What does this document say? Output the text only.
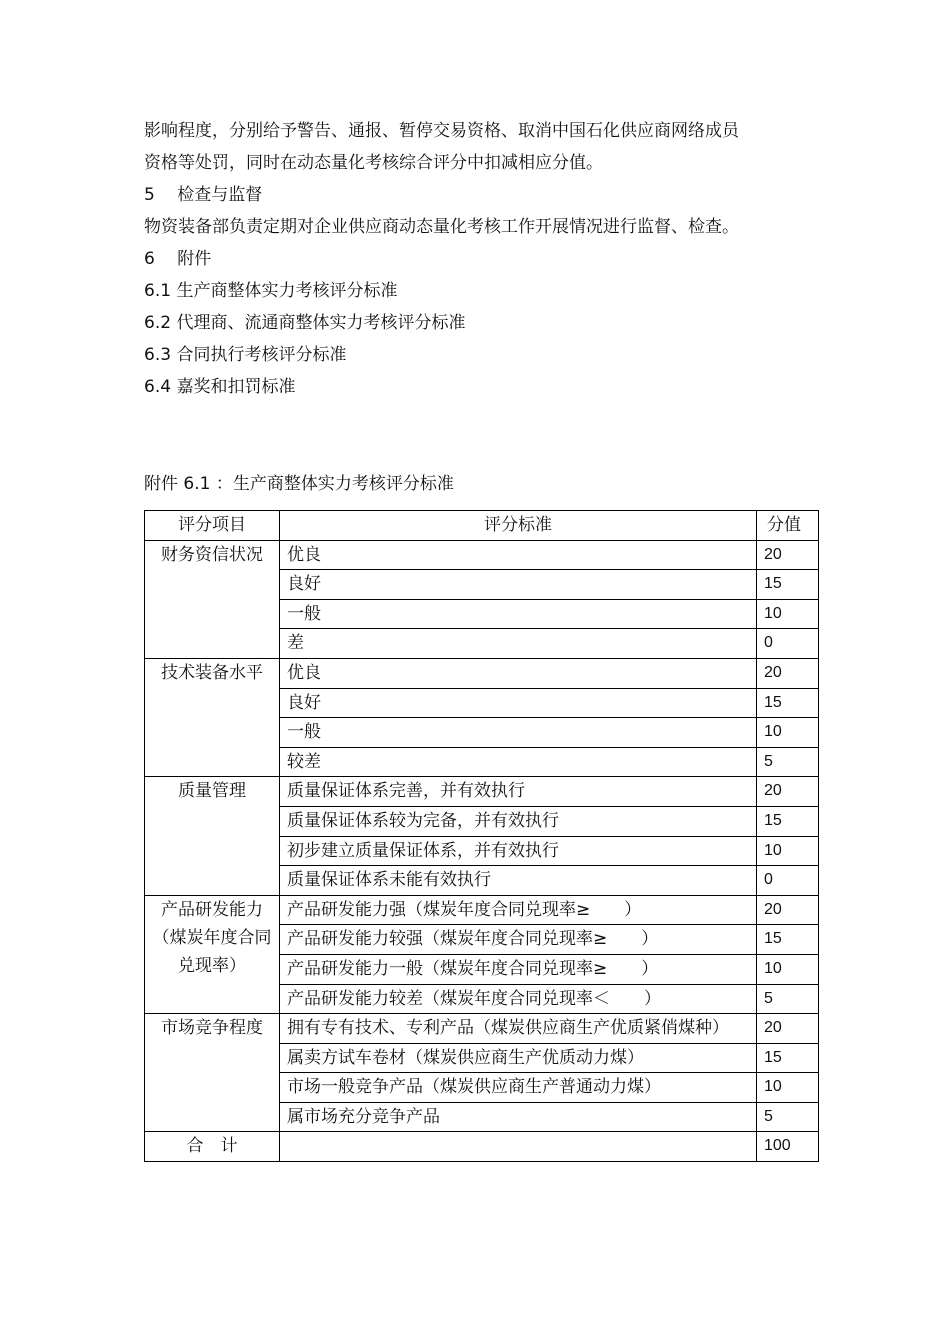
影响程度，分别给予警告、通报、暂停交易资格、取消中国石化供应商网络成员
资格等处罚，同时在动态量化考核综合评分中扣减相应分值。
5　 检查与监督
物资装备部负责定期对企业供应商动态量化考核工作开展情况进行监督、检查。
6　 附件
6.1 生产商整体实力考核评分标准
6.2 代理商、流通商整体实力考核评分标准
6.3 合同执行考核评分标准
6.4 嘉奖和扣罚标准
附件 6.1 ：生产商整体实力考核评分标准
评分项目	评分标准	分值
财务资信状况	优良	20
	良好	15
	一般	10
	差	0
技术装备水平	优良	20
	良好	15
	一般	10
	较差	5
质量管理	质量保证体系完善，并有效执行	20
	质量保证体系较为完备，并有效执行	15
	初步建立质量保证体系，并有效执行	10
	质量保证体系未能有效执行	0
产品研发能力（煤炭年度合同兑现率）	产品研发能力强（煤炭年度合同兑现率≥　　）	20
	产品研发能力较强（煤炭年度合同兑现率≥　　）	15
	产品研发能力一般（煤炭年度合同兑现率≥　　）	10
	产品研发能力较差（煤炭年度合同兑现率＜　　）	5
市场竞争程度	拥有专有技术、专利产品（煤炭供应商生产优质紧俏煤种）	20
	属卖方试车卷材（煤炭供应商生产优质动力煤）	15
	市场一般竞争产品（煤炭供应商生产普通动力煤）	10
	属市场充分竞争产品	5
合　计		100
